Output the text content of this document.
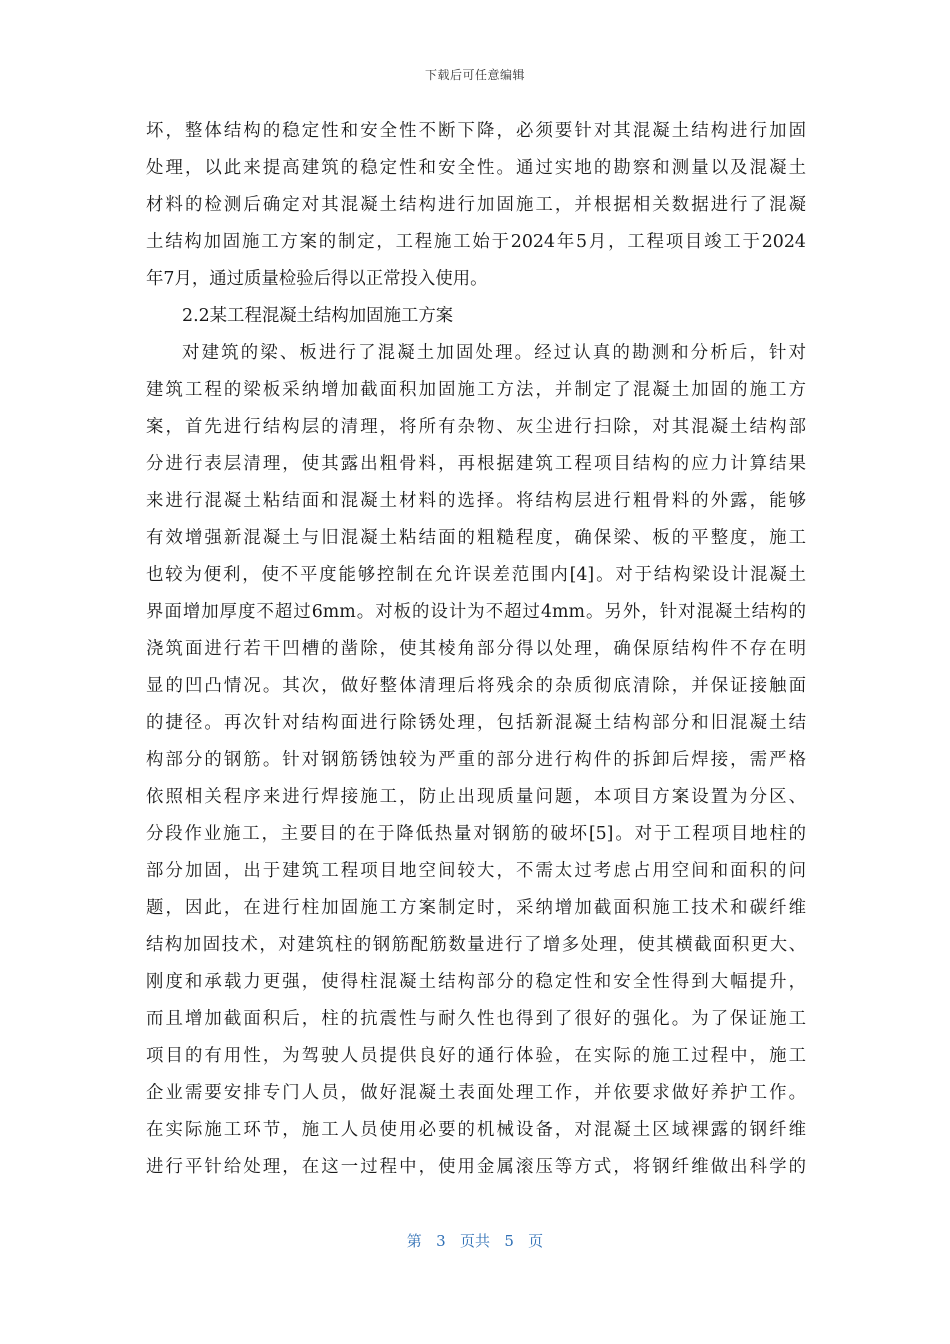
下载后可任意编辑
坏，整体结构的稳定性和安全性不断下降，必须要针对其混凝土结构进行加固
处理，以此来提高建筑的稳定性和安全性。通过实地的勘察和测量以及混凝土
材料的检测后确定对其混凝土结构进行加固施工，并根据相关数据进行了混凝
土结构加固施工方案的制定，工程施工始于2024年5月，工程项目竣工于2024
年7月，通过质量检验后得以正常投入使用。
2.2某工程混凝土结构加固施工方案
对建筑的梁、板进行了混凝土加固处理。经过认真的勘测和分析后，针对
建筑工程的梁板采纳增加截面积加固施工方法，并制定了混凝土加固的施工方
案，首先进行结构层的清理，将所有杂物、灰尘进行扫除，对其混凝土结构部
分进行表层清理，使其露出粗骨料，再根据建筑工程项目结构的应力计算结果
来进行混凝土粘结面和混凝土材料的选择。将结构层进行粗骨料的外露，能够
有效增强新混凝土与旧混凝土粘结面的粗糙程度，确保梁、板的平整度，施工
也较为便利，使不平度能够控制在允许误差范围内[4]。对于结构梁设计混凝土
界面增加厚度不超过6mm。对板的设计为不超过4mm。另外，针对混凝土结构的
浇筑面进行若干凹槽的凿除，使其棱角部分得以处理，确保原结构件不存在明
显的凹凸情况。其次，做好整体清理后将残余的杂质彻底清除，并保证接触面
的捷径。再次针对结构面进行除锈处理，包括新混凝土结构部分和旧混凝土结
构部分的钢筋。针对钢筋锈蚀较为严重的部分进行构件的拆卸后焊接，需严格
依照相关程序来进行焊接施工，防止出现质量问题，本项目方案设置为分区、
分段作业施工，主要目的在于降低热量对钢筋的破坏[5]。对于工程项目地柱的
部分加固，出于建筑工程项目地空间较大，不需太过考虑占用空间和面积的问
题，因此，在进行柱加固施工方案制定时，采纳增加截面积施工技术和碳纤维
结构加固技术，对建筑柱的钢筋配筋数量进行了增多处理，使其横截面积更大、
刚度和承载力更强，使得柱混凝土结构部分的稳定性和安全性得到大幅提升，
而且增加截面积后，柱的抗震性与耐久性也得到了很好的强化。为了保证施工
项目的有用性，为驾驶人员提供良好的通行体验，在实际的施工过程中，施工
企业需要安排专门人员，做好混凝土表面处理工作，并依要求做好养护工作。
在实际施工环节，施工人员使用必要的机械设备，对混凝土区域裸露的钢纤维
进行平针给处理，在这一过程中，使用金属滚压等方式，将钢纤维做出科学的
第 3 页共 5 页
